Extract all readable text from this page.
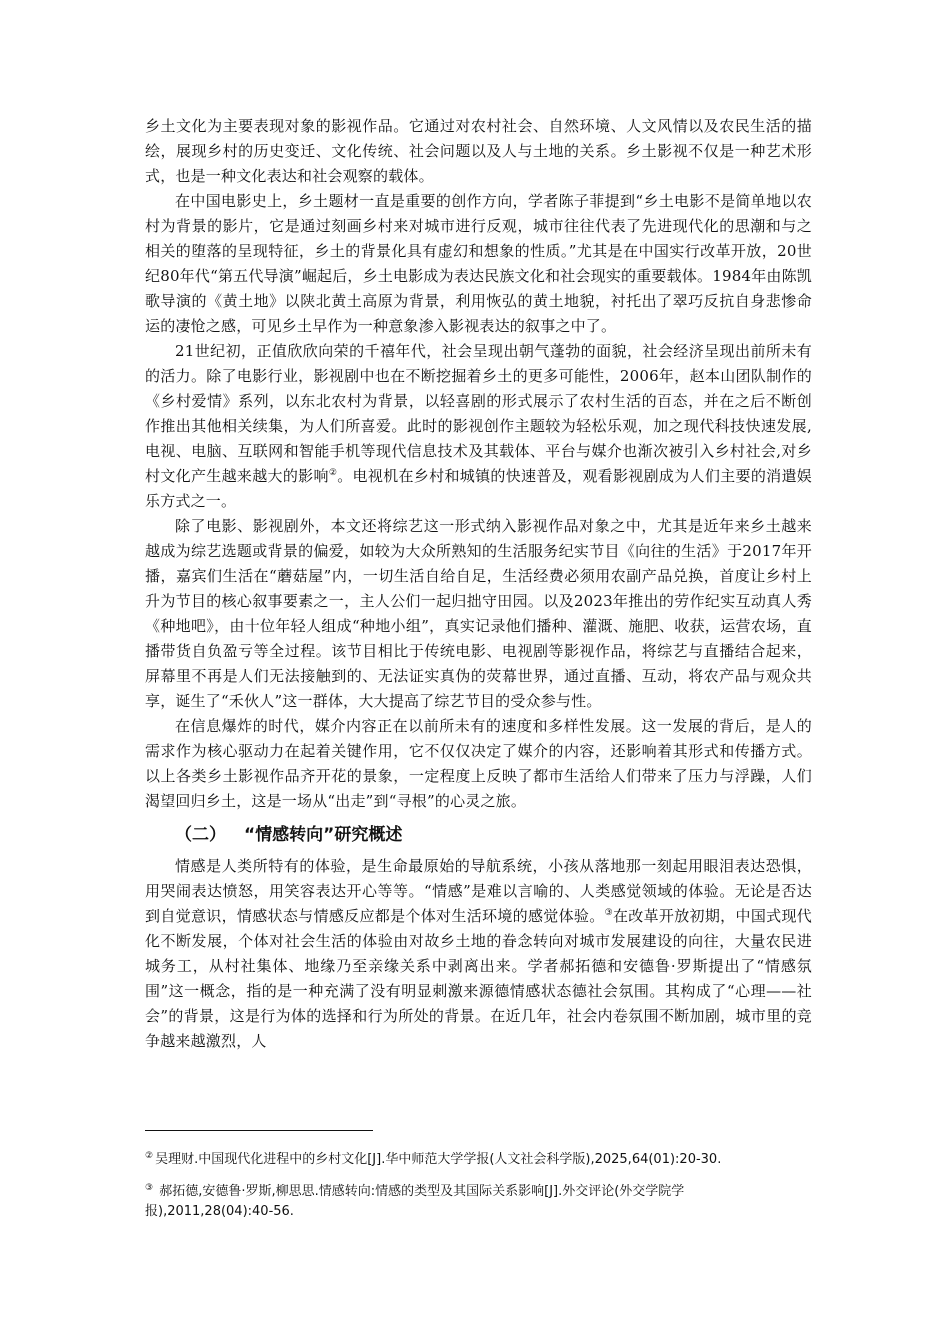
乡土文化为主要表现对象的影视作品。它通过对农村社会、自然环境、人文风情以及农民生活的描绘，展现乡村的历史变迁、文化传统、社会问题以及人与土地的关系。乡土影视不仅是一种艺术形式，也是一种文化表达和社会观察的载体。

在中国电影史上，乡土题材一直是重要的创作方向，学者陈子菲提到“乡土电影不是简单地以农村为背景的影片，它是通过刻画乡村来对城市进行反观，城市往往代表了先进现代化的思潮和与之相关的堕落的呈现特征，乡土的背景化具有虚幻和想象的性质。”尤其是在中国实行改革开放，20世纪80年代“第五代导演”崛起后，乡土电影成为表达民族文化和社会现实的重要载体。1984年由陈凯歌导演的《黄土地》以陕北黄土高原为背景，利用恢弘的黄土地貌，衬托出了翠巧反抗自身悲惨命运的凄怆之感，可见乡土早作为一种意象渗入影视表达的叙事之中了。

21世纪初，正值欣欣向荣的千禧年代，社会呈现出朝气蓬勃的面貌，社会经济呈现出前所未有的活力。除了电影行业，影视剧中也在不断挖掘着乡土的更多可能性，2006年，赵本山团队制作的《乡村爱情》系列，以东北农村为背景，以轻喜剧的形式展示了农村生活的百态，并在之后不断创作推出其他相关续集，为人们所喜爱。此时的影视创作主题较为轻松乐观，加之现代科技快速发展,电视、电脑、互联网和智能手机等现代信息技术及其载体、平台与媒介也渐次被引入乡村社会,对乡村文化产生越来越大的影响②。电视机在乡村和城镇的快速普及，观看影视剧成为人们主要的消遣娱乐方式之一。

除了电影、影视剧外，本文还将综艺这一形式纳入影视作品对象之中，尤其是近年来乡土越来越成为综艺选题或背景的偏爱，如较为大众所熟知的生活服务纪实节目《向往的生活》于2017年开播，嘉宾们生活在“蘑菇屋”内，一切生活自给自足，生活经费必须用农副产品兑换，首度让乡村上升为节目的核心叙事要素之一，主人公们一起归拙守田园。以及2023年推出的劳作纪实互动真人秀《种地吧》，由十位年轻人组成“种地小组”，真实记录他们播种、灌溉、施肥、收获，运营农场，直播带货自负盈亏等全过程。该节目相比于传统电影、电视剧等影视作品，将综艺与直播结合起来，屏幕里不再是人们无法接触到的、无法证实真伪的荧幕世界，通过直播、互动，将农产品与观众共享，诞生了“禾伙人”这一群体，大大提高了综艺节目的受众参与性。

在信息爆炸的时代，媒介内容正在以前所未有的速度和多样性发展。这一发展的背后，是人的需求作为核心驱动力在起着关键作用，它不仅仅决定了媒介的内容，还影响着其形式和传播方式。以上各类乡土影视作品齐开花的景象，一定程度上反映了都市生活给人们带来了压力与浮躁，人们渴望回归乡土，这是一场从“出走”到“寻根”的心灵之旅。

（二） “情感转向”研究概述

情感是人类所特有的体验，是生命最原始的导航系统，小孩从落地那一刻起用眼泪表达恐惧，用哭闹表达愤怒，用笑容表达开心等等。“情感”是难以言喻的、人类感觉领域的体验。无论是否达到自觉意识，情感状态与情感反应都是个体对生活环境的感觉体验。③在改革开放初期，中国式现代化不断发展，个体对社会生活的体验由对故乡土地的眷念转向对城市发展建设的向往，大量农民进城务工，从村社集体、地缘乃至亲缘关系中剥离出来。学者郝拓德和安德鲁·罗斯提出了“情感氛围”这一概念，指的是一种充满了没有明显刺激来源德情感状态德社会氛围。其构成了“心理——社会”的背景，这是行为体的选择和行为所处的背景。在近几年，社会内卷氛围不断加剧，城市里的竞争越来越激烈，人

② 吴理财.中国现代化进程中的乡村文化[J].华中师范大学学报(人文社会科学版),2025,64(01):20-30.

③ 郝拓德,安德鲁·罗斯,柳思思.情感转向:情感的类型及其国际关系影响[J].外交评论(外交学院学报),2011,28(04):40-56.
